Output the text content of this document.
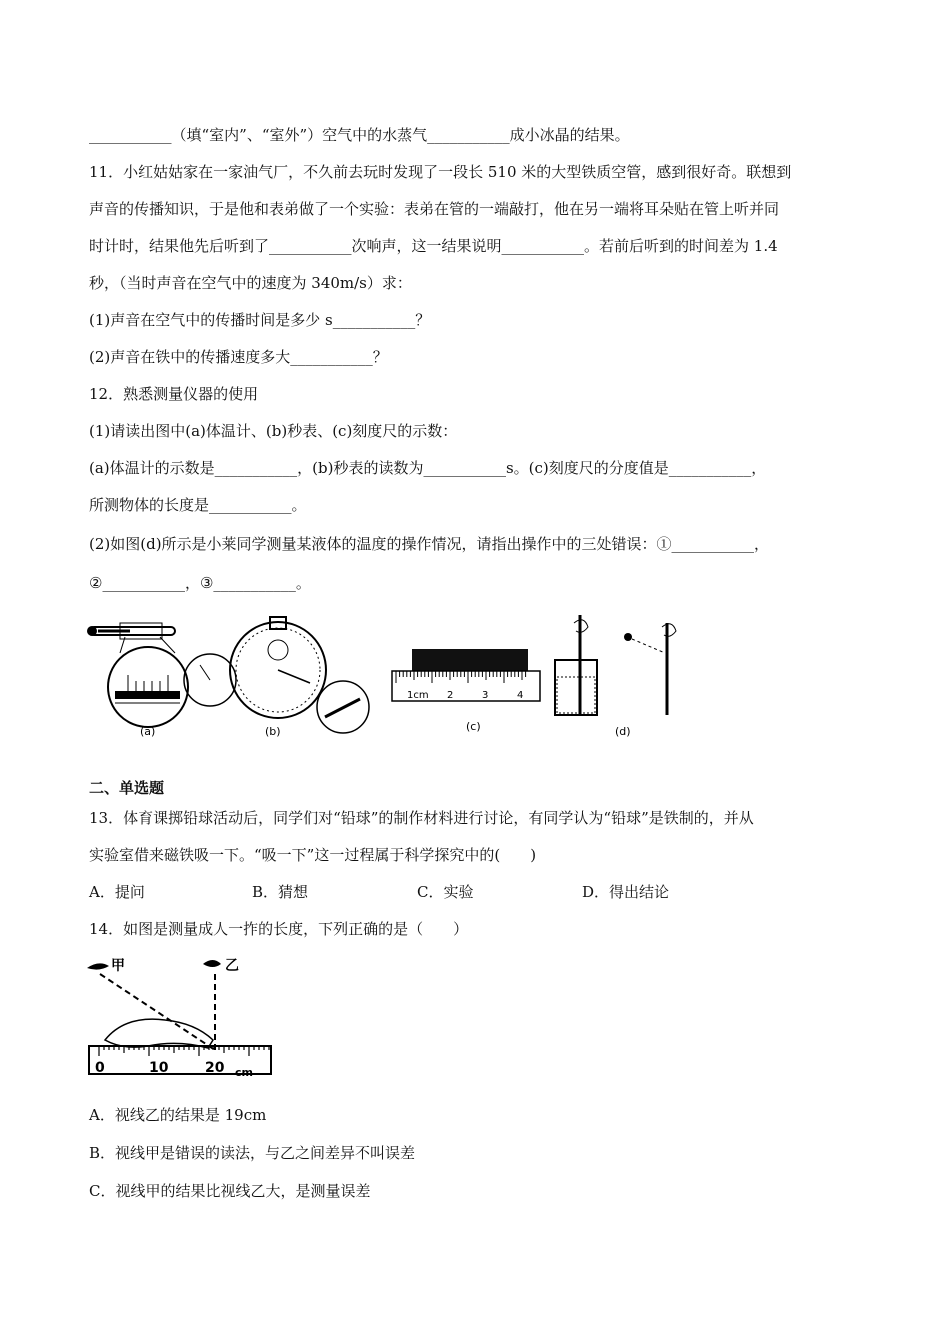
___________（填“室内”、“室外”）空气中的水蒸气___________成小冰晶的结果。
11．小红姑姑家在一家油气厂，不久前去玩时发现了一段长 510 米的大型铁质空管，感到很好奇。联想到
声音的传播知识，于是他和表弟做了一个实验：表弟在管的一端敲打，他在另一端将耳朵贴在管上听并同
时计时，结果他先后听到了___________次响声，这一结果说明___________。若前后听到的时间差为 1.4
秒，（当时声音在空气中的速度为 340m/s）求：
(1)声音在空气中的传播时间是多少 s___________？
(2)声音在铁中的传播速度多大___________？
12．熟悉测量仪器的使用
(1)请读出图中(a)体温计、(b)秒表、(c)刻度尺的示数：
(a)体温计的示数是___________，(b)秒表的读数为___________s。(c)刻度尺的分度值是___________，
所测物体的长度是___________。
(2)如图(d)所示是小莱同学测量某液体的温度的操作情况，请指出操作中的三处错误：①___________，
②___________，③___________。
1cm 2	3	4
(a)	(b)	(c)	(d)
二、单选题
13．体育课掷铅球活动后，同学们对“铅球”的制作材料进行讨论，有同学认为“铅球”是铁制的，并从
实验室借来磁铁吸一下。“吸一下”这一过程属于科学探究中的(　　)
A．提问	B．猜想	C．实验	D．得出结论
14．如图是测量成人一拃的长度，下列正确的是（　　）
甲	乙
0	10	20 cm
A．视线乙的结果是 19cm
B．视线甲是错误的读法，与乙之间差异不叫误差
C．视线甲的结果比视线乙大，是测量误差
